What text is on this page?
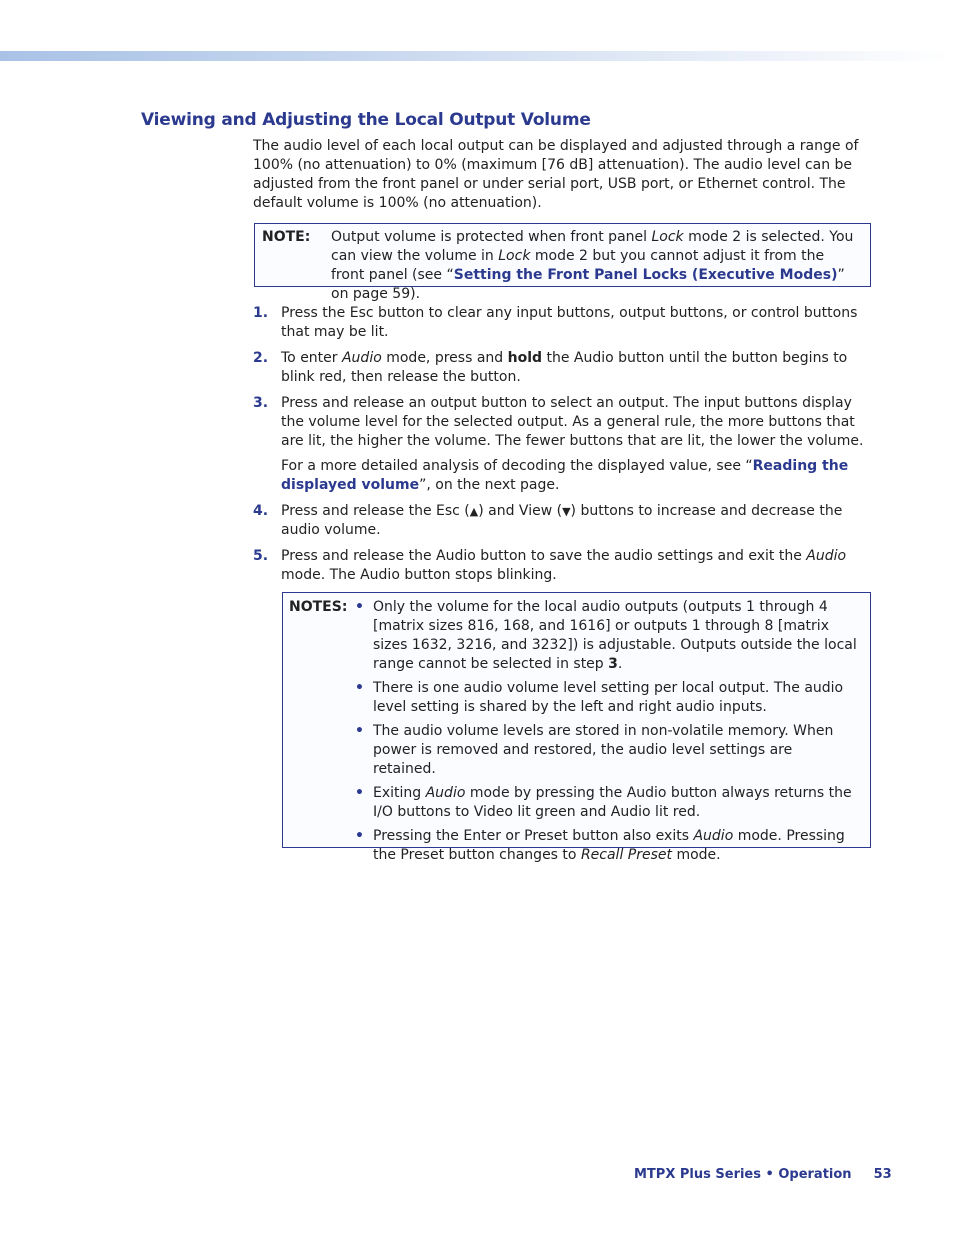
Viewing and Adjusting the Local Output Volume

The audio level of each local output can be displayed and adjusted through a range of 100% (no attenuation) to 0% (maximum [76 dB] attenuation). The audio level can be adjusted from the front panel or under serial port, USB port, or Ethernet control. The default volume is 100% (no attenuation).

NOTE: Output volume is protected when front panel Lock mode 2 is selected. You can view the volume in Lock mode 2 but you cannot adjust it from the front panel (see “Setting the Front Panel Locks (Executive Modes)” on page 59).
1. Press the Esc button to clear any input buttons, output buttons, or control buttons that may be lit.

2. To enter Audio mode, press and hold the Audio button until the button begins to blink red, then release the button.

3. Press and release an output button to select an output. The input buttons display the volume level for the selected output. As a general rule, the more buttons that are lit, the higher the volume. The fewer buttons that are lit, the lower the volume.

For a more detailed analysis of decoding the displayed value, see “Reading the displayed volume”, on the next page.

4. Press and release the Esc (▲) and View (▼) buttons to increase and decrease the audio volume.

5. Press and release the Audio button to save the audio settings and exit the Audio mode. The Audio button stops blinking.

NOTES: • Only the volume for the local audio outputs (outputs 1 through 4 [matrix sizes 816, 168, and 1616] or outputs 1 through 8 [matrix sizes 1632, 3216, and 3232]) is adjustable. Outputs outside the local range cannot be selected in step 3.
• There is one audio volume level setting per local output. The audio level setting is shared by the left and right audio inputs.
• The audio volume levels are stored in non-volatile memory. When power is removed and restored, the audio level settings are retained.
• Exiting Audio mode by pressing the Audio button always returns the I/O buttons to Video lit green and Audio lit red.
• Pressing the Enter or Preset button also exits Audio mode. Pressing the Preset button changes to Recall Preset mode.
MTPX Plus Series • Operation 53
